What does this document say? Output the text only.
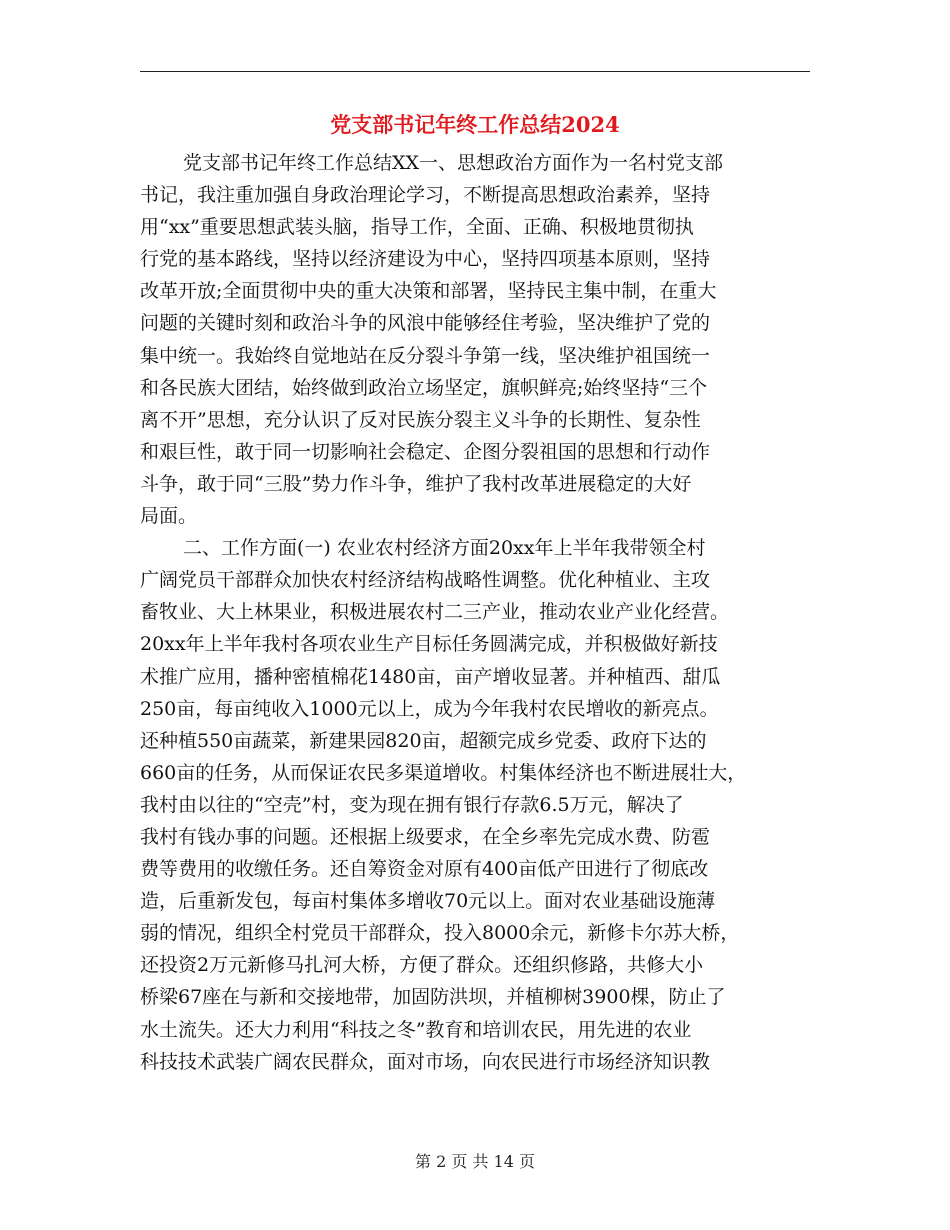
党支部书记年终工作总结2024
党支部书记年终工作总结XX一、思想政治方面作为一名村党支部
书记，我注重加强自身政治理论学习，不断提高思想政治素养，坚持
用“xx”重要思想武装头脑，指导工作，全面、正确、积极地贯彻执
行党的基本路线，坚持以经济建设为中心，坚持四项基本原则，坚持
改革开放;全面贯彻中央的重大决策和部署，坚持民主集中制，在重大
问题的关键时刻和政治斗争的风浪中能够经住考验，坚决维护了党的
集中统一。我始终自觉地站在反分裂斗争第一线，坚决维护祖国统一
和各民族大团结，始终做到政治立场坚定，旗帜鲜亮;始终坚持“三个
离不开”思想，充分认识了反对民族分裂主义斗争的长期性、复杂性
和艰巨性，敢于同一切影响社会稳定、企图分裂祖国的思想和行动作
斗争，敢于同“三股”势力作斗争，维护了我村改革进展稳定的大好
局面。
二、工作方面(一) 农业农村经济方面20xx年上半年我带领全村
广阔党员干部群众加快农村经济结构战略性调整。优化种植业、主攻
畜牧业、大上林果业，积极进展农村二三产业，推动农业产业化经营。
20xx年上半年我村各项农业生产目标任务圆满完成，并积极做好新技
术推广应用，播种密植棉花1480亩，亩产增收显著。并种植西、甜瓜
250亩，每亩纯收入1000元以上，成为今年我村农民增收的新亮点。
还种植550亩蔬菜，新建果园820亩，超额完成乡党委、政府下达的
660亩的任务，从而保证农民多渠道增收。村集体经济也不断进展壮大，
我村由以往的“空壳”村，变为现在拥有银行存款6.5万元，解决了
我村有钱办事的问题。还根据上级要求，在全乡率先完成水费、防雹
费等费用的收缴任务。还自筹资金对原有400亩低产田进行了彻底改
造，后重新发包，每亩村集体多增收70元以上。面对农业基础设施薄
弱的情况，组织全村党员干部群众，投入8000余元，新修卡尔苏大桥，
还投资2万元新修马扎河大桥，方便了群众。还组织修路，共修大小
桥梁67座在与新和交接地带，加固防洪坝，并植柳树3900棵，防止了
水土流失。还大力利用“科技之冬”教育和培训农民，用先进的农业
科技技术武装广阔农民群众，面对市场，向农民进行市场经济知识教
第 2 页 共 14 页
